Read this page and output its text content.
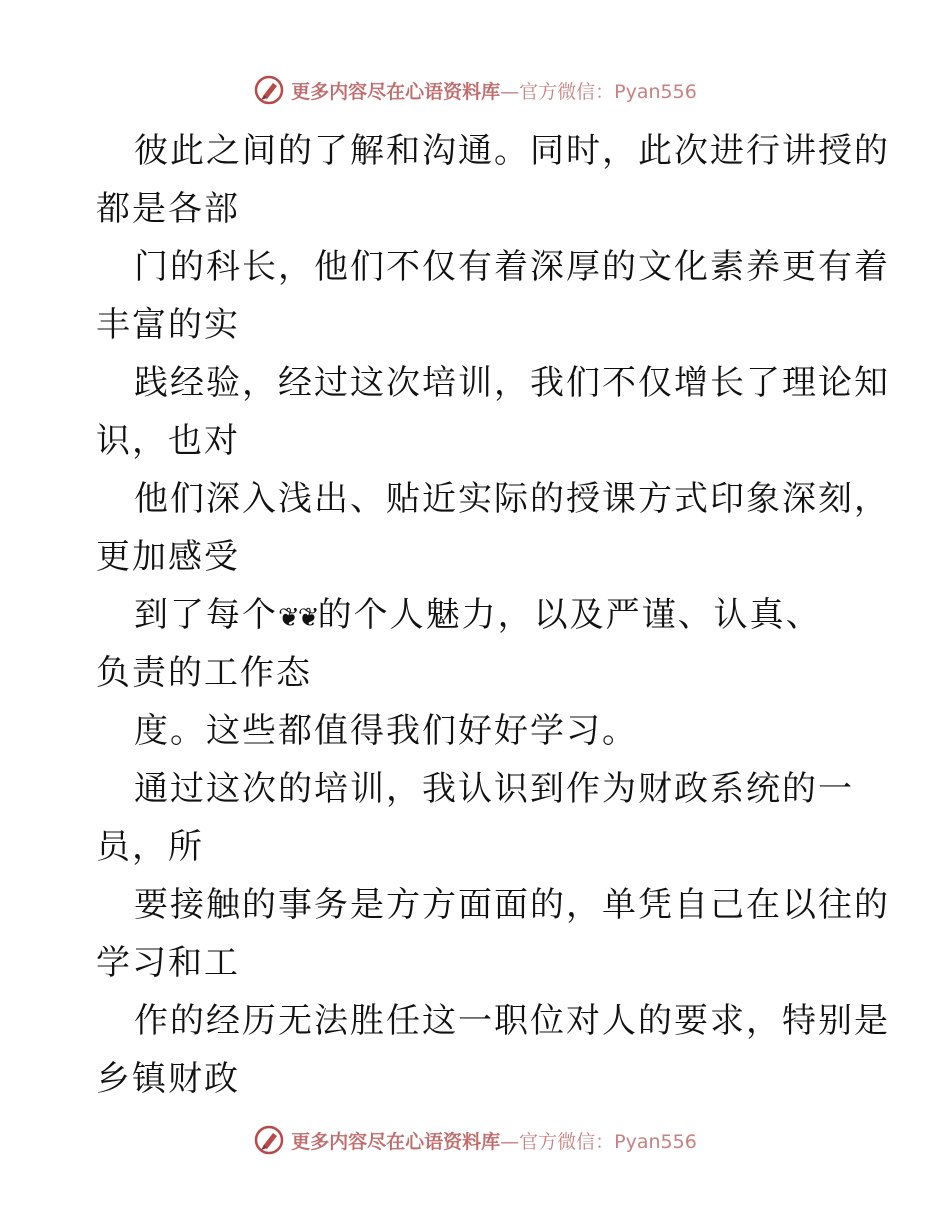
更多内容尽在心语资料库—官方微信：Pyan556
彼此之间的了解和沟通。同时，此次进行讲授的
都是各部
门的科长，他们不仅有着深厚的文化素养更有着
丰富的实
践经验，经过这次培训，我们不仅增长了理论知
识，也对
他们深入浅出、贴近实际的授课方式印象深刻，
更加感受
到了每个❦❦的个人魅力，以及严谨、认真、
负责的工作态
度。这些都值得我们好好学习。
通过这次的培训，我认识到作为财政系统的一
员，所
要接触的事务是方方面面的，单凭自己在以往的
学习和工
作的经历无法胜任这一职位对人的要求，特别是
乡镇财政
更多内容尽在心语资料库—官方微信：Pyan556
